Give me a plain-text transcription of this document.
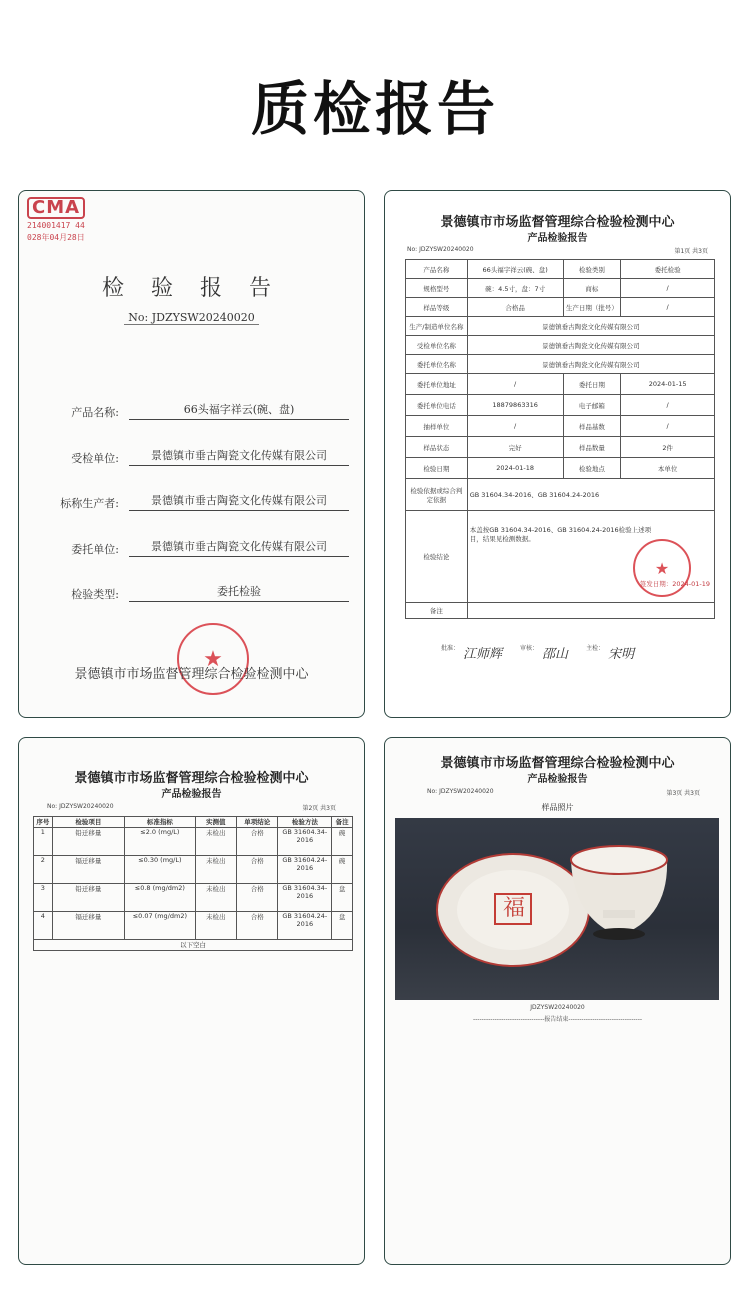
质检报告
CMA
214001417 44
028年04月28日
检 验 报 告
No: JDZYSW20240020
产品名称:	66头福字祥云(碗、盘)
受检单位:	景德镇市垂古陶瓷文化传媒有限公司
标称生产者:	景德镇市垂古陶瓷文化传媒有限公司
委托单位:	景德镇市垂古陶瓷文化传媒有限公司
检验类型:	委托检验
★
景德镇市市场监督管理综合检验检测中心
景德镇市市场监督管理综合检验检测中心
产品检验报告
No: JDZYSW20240020	第1页 共3页
产品名称	66头福字祥云(碗、盘)	检验类别	委托检验
规格型号	碗：4.5寸，盘：7寸	商标	/
样品等级	合格品	生产日期（批号）	/
生产/制造单位名称	景德镇垂古陶瓷文化传媒有限公司		
受检单位名称	景德镇垂古陶瓷文化传媒有限公司		
委托单位名称	景德镇垂古陶瓷文化传媒有限公司		
委托单位地址	/	委托日期	2024-01-15
委托单位电话	18879863316	电子邮箱	/
抽样单位	/	样品基数	/
样品状态	完好	样品数量	2件
检验日期	2024-01-18	检验地点	本单位
检验依据或综合判定依据	GB 31604.34-2016、GB 31604.24-2016		
检验结论	本盖按GB 31604.34-2016、GB 31604.24-2016检验上述项目，结果见检测数据。
签发日期：2024-01-19		

备注			
★
批准： 江师辉	审核： 邵山	主检： 宋明
景德镇市市场监督管理综合检验检测中心
产品检验报告
No: JDZYSW20240020	第2页 共3页
序号	检验项目	标准指标	实测值	单项结论	检验方法	备注
1	铅迁移量	≤2.0 (mg/L)	未检出	合格	GB 31604.34-2016	碗
2	镉迁移量	≤0.30 (mg/L)	未检出	合格	GB 31604.24-2016	碗
3	铅迁移量	≤0.8 (mg/dm2)	未检出	合格	GB 31604.34-2016	盘
4	镉迁移量	≤0.07 (mg/dm2)	未检出	合格	GB 31604.24-2016	盘
以下空白						
景德镇市市场监督管理综合检验检测中心
产品检验报告
No: JDZYSW20240020	第3页 共3页
样品照片
福
JDZYSW20240020
---------------------------------报告结束----------------------------------
